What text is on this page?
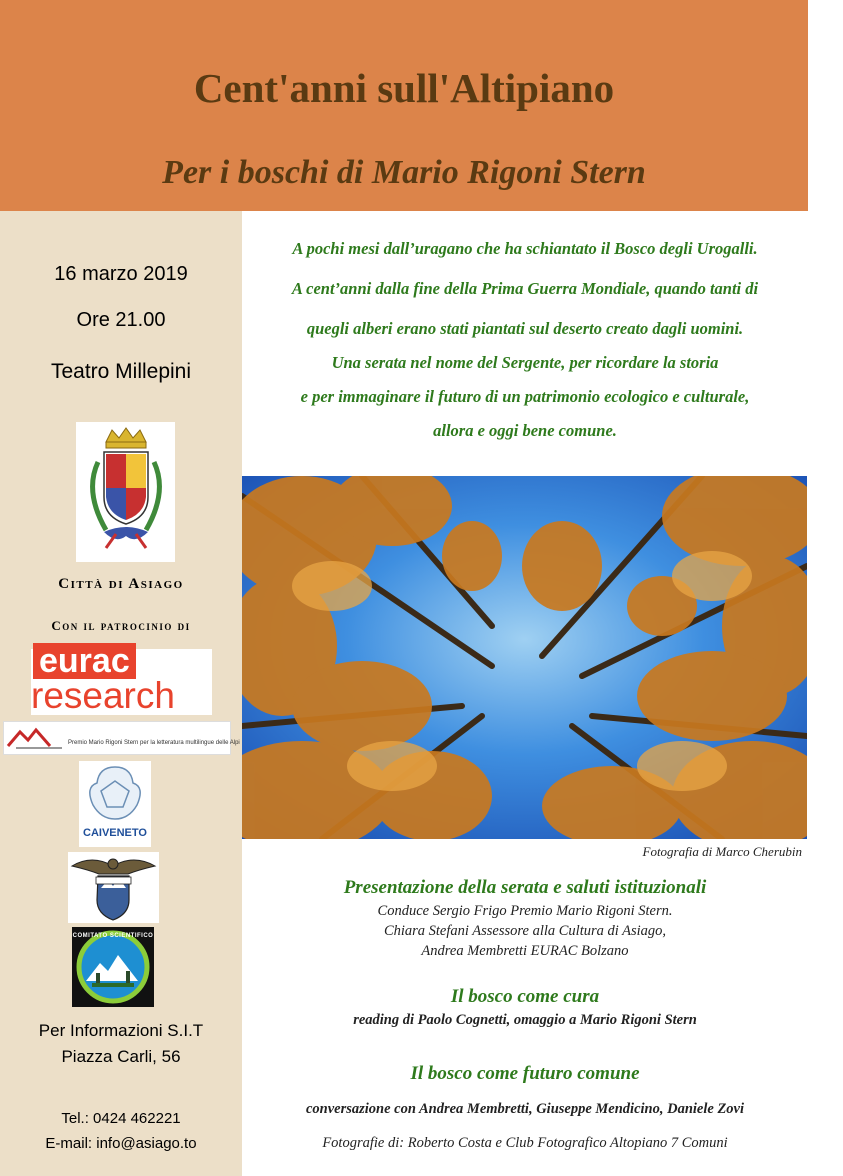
Cent'anni sull'Altipiano
Per i boschi di Mario Rigoni Stern
16 marzo 2019
Ore 21.00
Teatro Millepini
Città di Asiago
Con il patrocinio di
eurac
research
Premio Mario Rigoni Stern per la letteratura multilingue delle Alpi
CAIVENETO
COMITATO SCIENTIFICO
Per Informazioni S.I.T
Piazza Carli, 56
Tel.: 0424 462221
E-mail: info@asiago.to
A pochi mesi dall’uragano che ha schiantato il Bosco degli Urogalli.
A cent’anni dalla fine della Prima Guerra Mondiale, quando tanti di
quegli alberi erano stati piantati sul deserto creato dagli uomini.
Una serata nel nome del Sergente, per ricordare la storia
e per immaginare il futuro di un patrimonio ecologico e culturale,
allora e oggi bene comune.
Fotografia di Marco Cherubin
Presentazione della serata e saluti istituzionali
Conduce Sergio Frigo Premio Mario Rigoni Stern.
Chiara Stefani Assessore alla Cultura di Asiago,
Andrea Membretti EURAC Bolzano
Il bosco come cura
reading di Paolo Cognetti, omaggio a Mario Rigoni Stern
Il bosco come futuro comune
conversazione con Andrea Membretti, Giuseppe Mendicino, Daniele Zovi
Fotografie di: Roberto Costa e Club Fotografico Altopiano 7 Comuni
